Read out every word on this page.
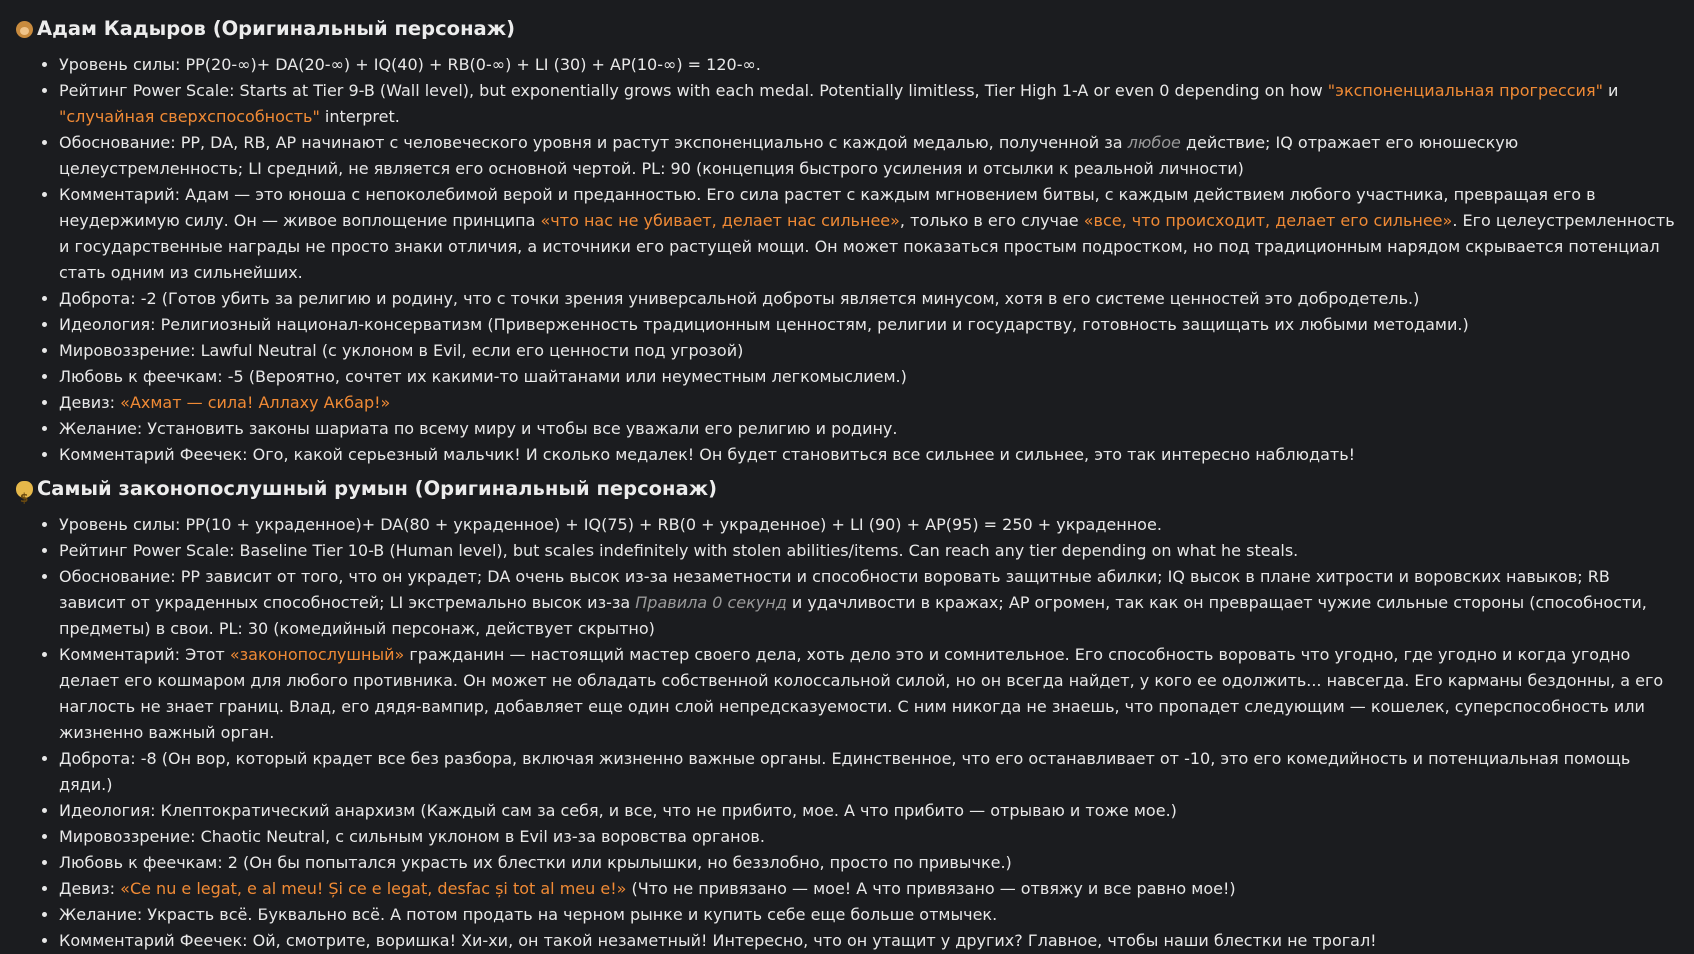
Адам Кадыров (Оригинальный персонаж)
• Уровень силы: PP(20-∞)+ DA(20-∞) + IQ(40) + RB(0-∞) + LI (30) + AP(10-∞) = 120-∞.
• Рейтинг Power Scale: Starts at Tier 9-B (Wall level), but exponentially grows with each medal. Potentially limitless, Tier High 1-A or even 0 depending on how "экспоненциальная прогрессия" и "случайная сверхспособность" interpret.
• Обоснование: PP, DA, RB, AP начинают с человеческого уровня и растут экспоненциально с каждой медалью, полученной за любое действие; IQ отражает его юношескую целеустремленность; LI средний, не является его основной чертой. PL: 90 (концепция быстрого усиления и отсылки к реальной личности)
• Комментарий: Адам — это юноша с непоколебимой верой и преданностью. Его сила растет с каждым мгновением битвы, с каждым действием любого участника, превращая его в неудержимую силу. Он — живое воплощение принципа «что нас не убивает, делает нас сильнее», только в его случае «все, что происходит, делает его сильнее». Его целеустремленность и государственные награды не просто знаки отличия, а источники его растущей мощи. Он может показаться простым подростком, но под традиционным нарядом скрывается потенциал стать одним из сильнейших.
• Доброта: -2 (Готов убить за религию и родину, что с точки зрения универсальной доброты является минусом, хотя в его системе ценностей это добродетель.)
• Идеология: Религиозный национал-консерватизм (Приверженность традиционным ценностям, религии и государству, готовность защищать их любыми методами.)
• Мировоззрение: Lawful Neutral (с уклоном в Evil, если его ценности под угрозой)
• Любовь к феечкам: -5 (Вероятно, сочтет их какими-то шайтанами или неуместным легкомыслием.)
• Девиз: «Ахмат — сила! Аллаху Акбар!»
• Желание: Установить законы шариата по всему миру и чтобы все уважали его религию и родину.
• Комментарий Феечек: Ого, какой серьезный мальчик! И сколько медалек! Он будет становиться все сильнее и сильнее, это так интересно наблюдать!
$
Самый законопослушный румын (Оригинальный персонаж)
• Уровень силы: PP(10 + украденное)+ DA(80 + украденное) + IQ(75) + RB(0 + украденное) + LI (90) + AP(95) = 250 + украденное.
• Рейтинг Power Scale: Baseline Tier 10-B (Human level), but scales indefinitely with stolen abilities/items. Can reach any tier depending on what he steals.
• Обоснование: PP зависит от того, что он украдет; DA очень высок из-за незаметности и способности воровать защитные абилки; IQ высок в плане хитрости и воровских навыков; RB зависит от украденных способностей; LI экстремально высок из-за Правила 0 секунд и удачливости в кражах; AP огромен, так как он превращает чужие сильные стороны (способности, предметы) в свои. PL: 30 (комедийный персонаж, действует скрытно)
• Комментарий: Этот «законопослушный» гражданин — настоящий мастер своего дела, хоть дело это и сомнительное. Его способность воровать что угодно, где угодно и когда угодно делает его кошмаром для любого противника. Он может не обладать собственной колоссальной силой, но он всегда найдет, у кого ее одолжить... навсегда. Его карманы бездонны, а его наглость не знает границ. Влад, его дядя-вампир, добавляет еще один слой непредсказуемости. С ним никогда не знаешь, что пропадет следующим — кошелек, суперспособность или жизненно важный орган.
• Доброта: -8 (Он вор, который крадет все без разбора, включая жизненно важные органы. Единственное, что его останавливает от -10, это его комедийность и потенциальная помощь дяди.)
• Идеология: Клептократический анархизм (Каждый сам за себя, и все, что не прибито, мое. А что прибито — отрываю и тоже мое.)
• Мировоззрение: Chaotic Neutral, с сильным уклоном в Evil из-за воровства органов.
• Любовь к феечкам: 2 (Он бы попытался украсть их блестки или крылышки, но беззлобно, просто по привычке.)
• Девиз: «Ce nu e legat, e al meu! Și ce e legat, desfac și tot al meu e!» (Что не привязано — мое! А что привязано — отвяжу и все равно мое!)
• Желание: Украсть всё. Буквально всё. А потом продать на черном рынке и купить себе еще больше отмычек.
• Комментарий Феечек: Ой, смотрите, воришка! Хи-хи, он такой незаметный! Интересно, что он утащит у других? Главное, чтобы наши блестки не трогал!
